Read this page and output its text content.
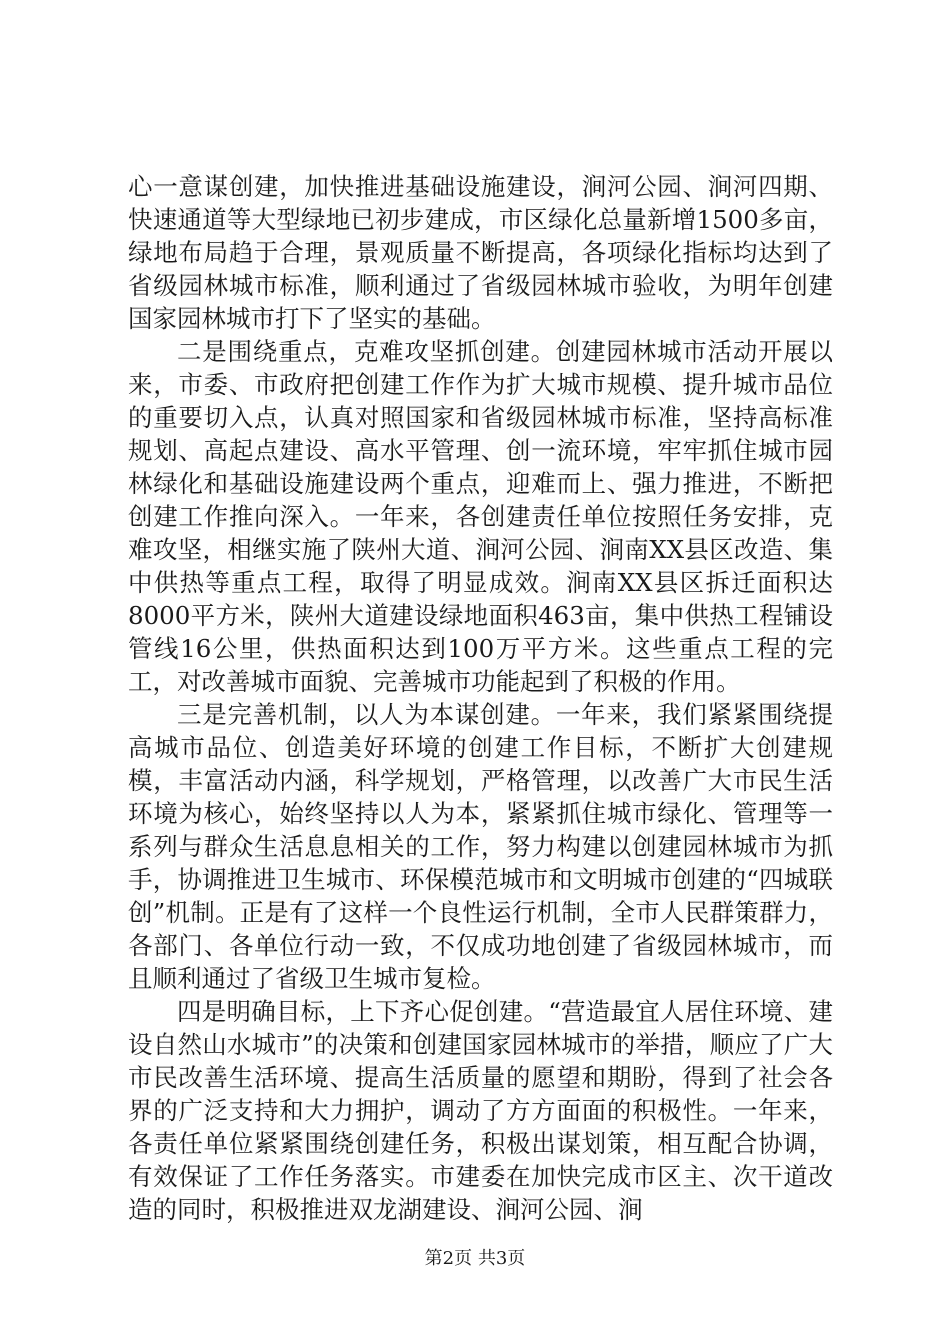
心一意谋创建，加快推进基础设施建设，涧河公园、涧河四期、快速通道等大型绿地已初步建成，市区绿化总量新增1500多亩，绿地布局趋于合理，景观质量不断提高，各项绿化指标均达到了省级园林城市标准，顺利通过了省级园林城市验收，为明年创建国家园林城市打下了坚实的基础。

二是围绕重点，克难攻坚抓创建。创建园林城市活动开展以来，市委、市政府把创建工作作为扩大城市规模、提升城市品位的重要切入点，认真对照国家和省级园林城市标准，坚持高标准规划、高起点建设、高水平管理、创一流环境，牢牢抓住城市园林绿化和基础设施建设两个重点，迎难而上、强力推进，不断把创建工作推向深入。一年来，各创建责任单位按照任务安排，克难攻坚，相继实施了陕州大道、涧河公园、涧南XX县区改造、集中供热等重点工程，取得了明显成效。涧南XX县区拆迁面积达8000平方米，陕州大道建设绿地面积463亩，集中供热工程铺设管线16公里，供热面积达到100万平方米。这些重点工程的完工，对改善城市面貌、完善城市功能起到了积极的作用。

三是完善机制，以人为本谋创建。一年来，我们紧紧围绕提高城市品位、创造美好环境的创建工作目标，不断扩大创建规模，丰富活动内涵，科学规划，严格管理，以改善广大市民生活环境为核心，始终坚持以人为本，紧紧抓住城市绿化、管理等一系列与群众生活息息相关的工作，努力构建以创建园林城市为抓手，协调推进卫生城市、环保模范城市和文明城市创建的“四城联创”机制。正是有了这样一个良性运行机制，全市人民群策群力，各部门、各单位行动一致，不仅成功地创建了省级园林城市，而且顺利通过了省级卫生城市复检。

四是明确目标，上下齐心促创建。“营造最宜人居住环境、建设自然山水城市”的决策和创建国家园林城市的举措，顺应了广大市民改善生活环境、提高生活质量的愿望和期盼，得到了社会各界的广泛支持和大力拥护，调动了方方面面的积极性。一年来，各责任单位紧紧围绕创建任务，积极出谋划策，相互配合协调，有效保证了工作任务落实。市建委在加快完成市区主、次干道改造的同时，积极推进双龙湖建设、涧河公园、涧

第2页 共3页
